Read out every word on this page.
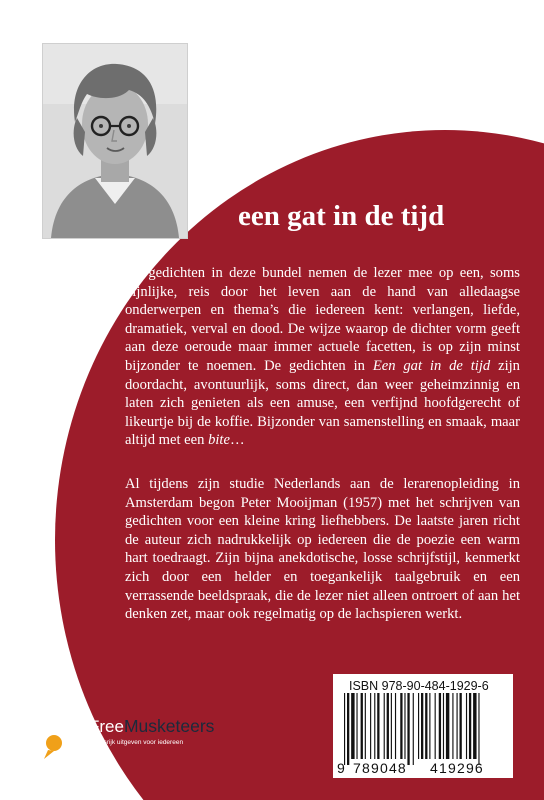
een gat in de tijd

De gedichten in deze bundel nemen de lezer mee op een, soms pijnlijke, reis door het leven aan de hand van alledaagse onderwerpen en thema’s die iedereen kent: verlangen, liefde, dramatiek, verval en dood. De wijze waarop de dichter vorm geeft aan deze oeroude maar immer actuele facetten, is op zijn minst bijzonder te noemen. De gedichten in Een gat in de tijd zijn doordacht, avontuurlijk, soms direct, dan weer geheimzinnig en laten zich genieten als een amuse, een verfijnd hoofdgerecht of likeurtje bij de koffie. Bijzonder van samenstelling en smaak, maar altijd met een bite…

Al tijdens zijn studie Nederlands aan de lerarenopleiding in Amsterdam begon Peter Mooijman (1957) met het schrijven van gedichten voor een kleine kring liefhebbers. De laatste jaren richt de auteur zich nadrukkelijk op iedereen die de poezie een warm hart toedraagt. Zijn bijna anekdotische, losse schrijfstijl, kenmerkt zich door een helder en toegankelijk taalgebruik en een verrassende beeldspraak, die de lezer niet alleen ontroert of aan het denken zet, maar ook regelmatig op de lachspieren werkt.

FreeMusketeers
Kansrijk uitgeven voor iedereen
ISBN 978-90-484-1929-6
9 789048 419296
